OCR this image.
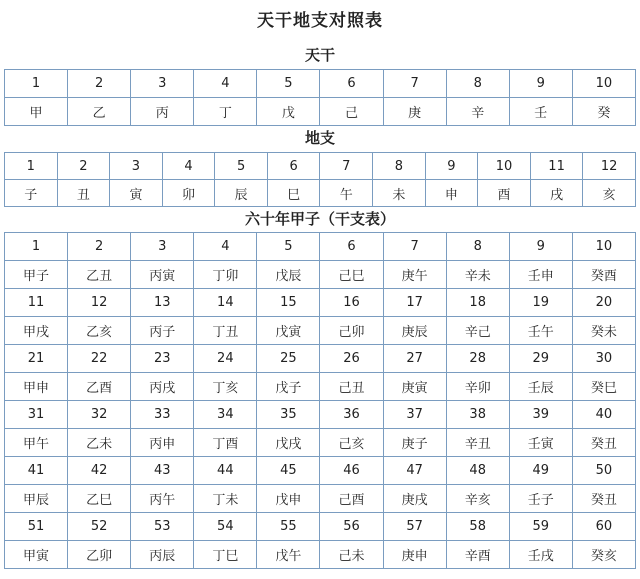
天干地支对照表
天干
1	2	3	4	5	6	7	8	9	10
甲	乙	丙	丁	戊	己	庚	辛	壬	癸
地支
1	2	3	4	5	6	7	8	9	10	11	12
子	丑	寅	卯	辰	巳	午	未	申	酉	戌	亥
六十年甲子（干支表）
1	2	3	4	5	6	7	8	9	10
甲子	乙丑	丙寅	丁卯	戊辰	己巳	庚午	辛未	壬申	癸酉
11	12	13	14	15	16	17	18	19	20
甲戌	乙亥	丙子	丁丑	戊寅	己卯	庚辰	辛己	壬午	癸未
21	22	23	24	25	26	27	28	29	30
甲申	乙酉	丙戌	丁亥	戊子	己丑	庚寅	辛卯	壬辰	癸巳
31	32	33	34	35	36	37	38	39	40
甲午	乙未	丙申	丁酉	戊戌	己亥	庚子	辛丑	壬寅	癸丑
41	42	43	44	45	46	47	48	49	50
甲辰	乙巳	丙午	丁未	戊申	己酉	庚戌	辛亥	壬子	癸丑
51	52	53	54	55	56	57	58	59	60
甲寅	乙卯	丙辰	丁巳	戊午	己未	庚申	辛酉	壬戌	癸亥
